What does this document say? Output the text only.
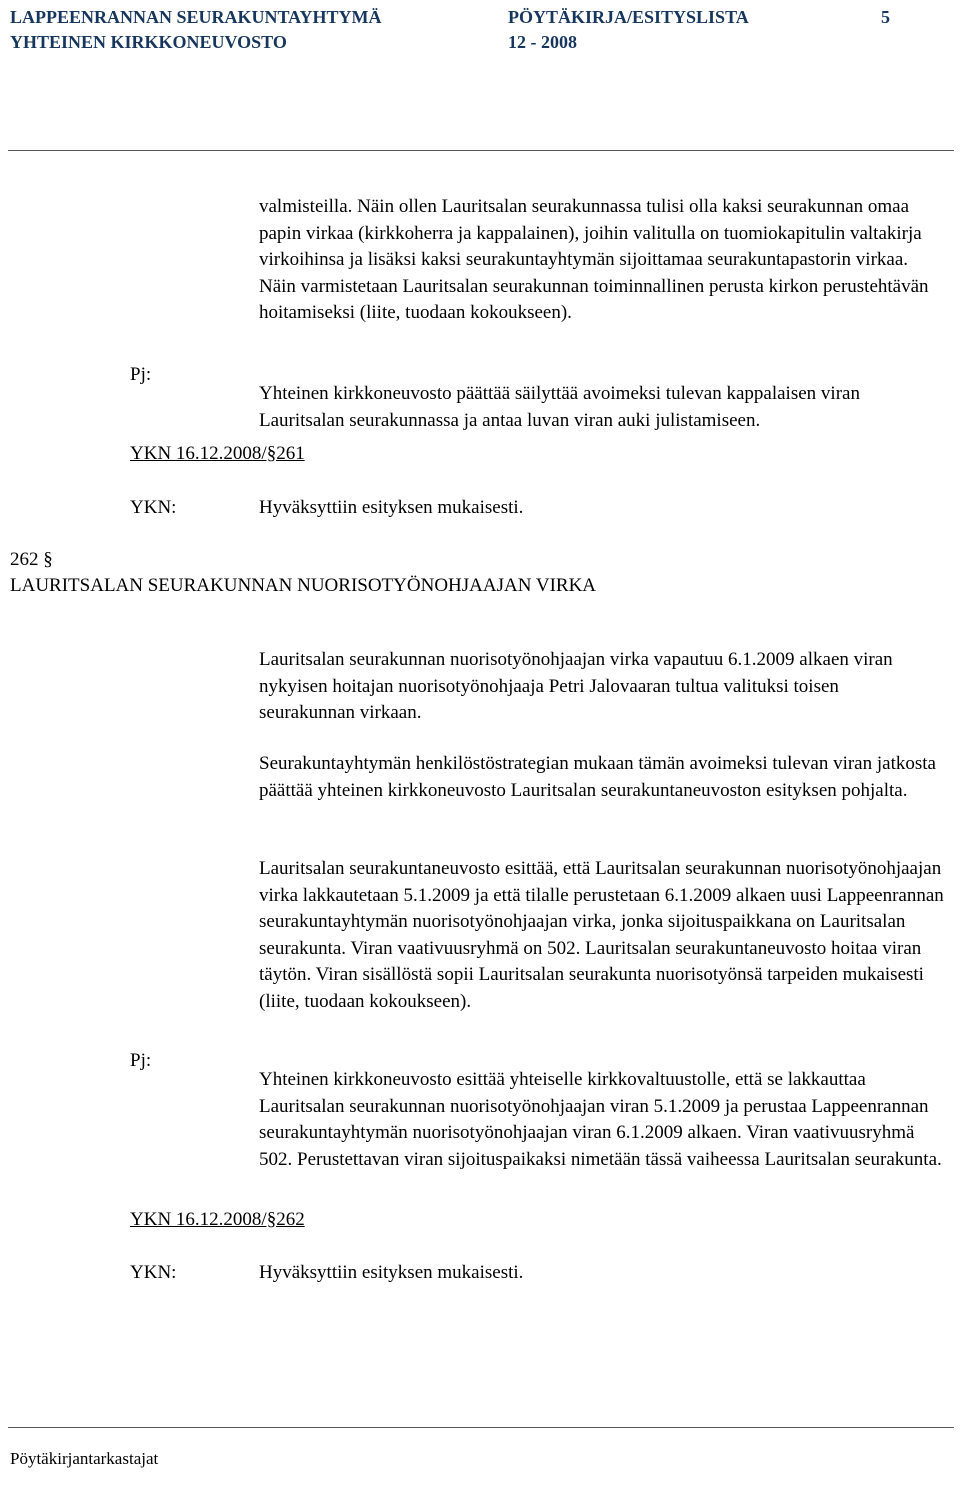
LAPPEENRANNAN SEURAKUNTAYHTYMÄ
YHTEINEN KIRKKONEUVOSTO
PÖYTÄKIRJA/ESITYSLISTA
12 - 2008
5

valmisteilla. Näin ollen Lauritsalan seurakunnassa tulisi olla kaksi seurakunnan omaa papin virkaa (kirkkoherra ja kappalainen), joihin valitulla on tuomiokapitulin valtakirja virkoihinsa ja lisäksi kaksi seurakuntayhtymän sijoittamaa seurakuntapastorin virkaa. Näin varmistetaan Lauritsalan seurakunnan toiminnallinen perusta kirkon perustehtävän hoitamiseksi (liite, tuodaan kokoukseen).

Pj:

Yhteinen kirkkoneuvosto päättää säilyttää avoimeksi tulevan kappalaisen viran Lauritsalan seurakunnassa ja antaa luvan viran auki julistamiseen.

YKN 16.12.2008/§261
YKN:	Hyväksyttiin esityksen mukaisesti.
262 §
LAURITSALAN SEURAKUNNAN NUORISOTYÖNOHJAAJAN VIRKA

Lauritsalan seurakunnan nuorisotyönohjaajan virka vapautuu 6.1.2009 alkaen viran nykyisen hoitajan nuorisotyönohjaaja Petri Jalovaaran tultua valituksi toisen seurakunnan virkaan.

Seurakuntayhtymän henkilöstöstrategian mukaan tämän avoimeksi tulevan viran jatkosta päättää yhteinen kirkkoneuvosto Lauritsalan seurakuntaneuvoston esityksen pohjalta.

Lauritsalan seurakuntaneuvosto esittää, että Lauritsalan seurakunnan nuorisotyönohjaajan virka lakkautetaan 5.1.2009 ja että tilalle perustetaan 6.1.2009 alkaen uusi Lappeenrannan seurakuntayhtymän nuorisotyönohjaajan virka, jonka sijoituspaikkana on Lauritsalan seurakunta. Viran vaativuusryhmä on 502. Lauritsalan seurakuntaneuvosto hoitaa viran täytön. Viran sisällöstä sopii Lauritsalan seurakunta nuorisotyönsä tarpeiden mukaisesti (liite, tuodaan kokoukseen).

Pj:

Yhteinen kirkkoneuvosto esittää yhteiselle kirkkovaltuustolle, että se lakkauttaa Lauritsalan seurakunnan nuorisotyönohjaajan viran 5.1.2009 ja perustaa Lappeenrannan seurakuntayhtymän nuorisotyönohjaajan viran 6.1.2009 alkaen. Viran vaativuusryhmä 502. Perustettavan viran sijoituspaikaksi nimetään tässä vaiheessa Lauritsalan seurakunta.

YKN 16.12.2008/§262
YKN:	Hyväksyttiin esityksen mukaisesti.
Pöytäkirjantarkastajat
